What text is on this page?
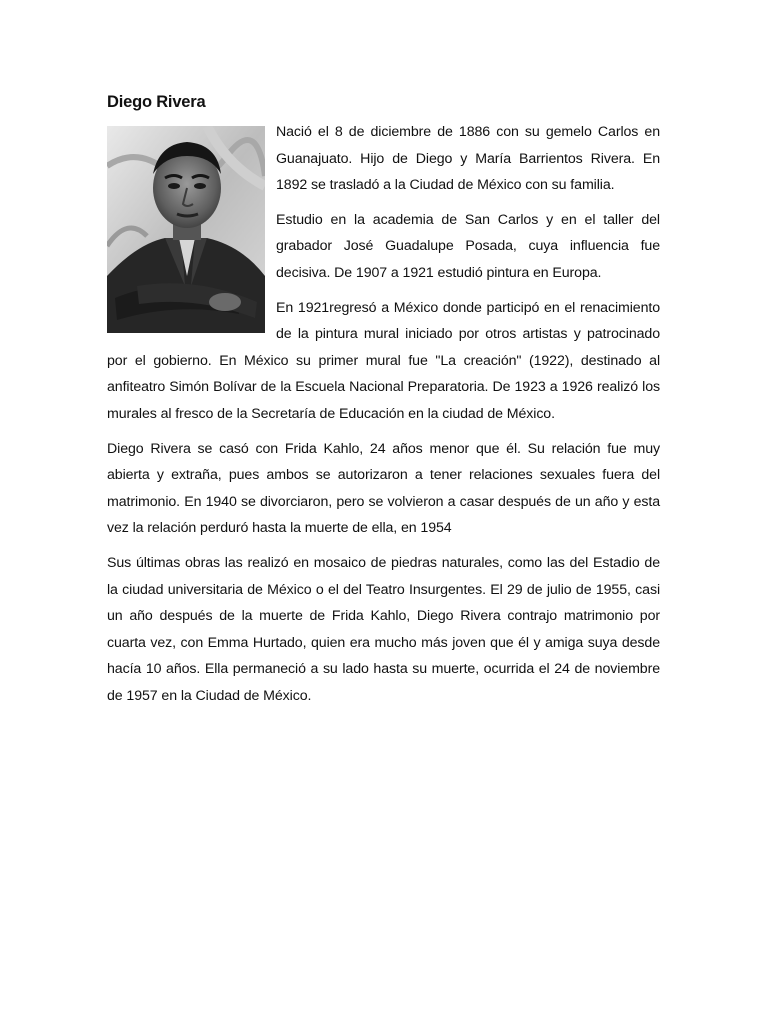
Diego Rivera

Nació el 8 de diciembre de 1886 con su gemelo Carlos en Guanajuato. Hijo de Diego y María Barrientos Rivera. En 1892 se trasladó a la Ciudad de México con su familia.

Estudio en la academia de San Carlos y en el taller del grabador José Guadalupe Posada, cuya influencia fue decisiva. De 1907 a 1921 estudió pintura en Europa.

En 1921regresó a México donde participó en el renacimiento de la pintura mural iniciado por otros artistas y patrocinado por el gobierno. En México su primer mural fue "La creación" (1922), destinado al anfiteatro Simón Bolívar de la Escuela Nacional Preparatoria. De 1923 a 1926 realizó los murales al fresco de la Secretaría de Educación en la ciudad de México.

Diego Rivera se casó con Frida Kahlo, 24 años menor que él. Su relación fue muy abierta y extraña, pues ambos se autorizaron a tener relaciones sexuales fuera del matrimonio. En 1940 se divorciaron, pero se volvieron a casar después de un año y esta vez la relación perduró hasta la muerte de ella, en 1954

Sus últimas obras las realizó en mosaico de piedras naturales, como las del Estadio de la ciudad universitaria de México o el del Teatro Insurgentes. El 29 de julio de 1955, casi un año después de la muerte de Frida Kahlo, Diego Rivera contrajo matrimonio por cuarta vez, con Emma Hurtado, quien era mucho más joven que él y amiga suya desde hacía 10 años. Ella permaneció a su lado hasta su muerte, ocurrida el 24 de noviembre de 1957 en la Ciudad de México.
